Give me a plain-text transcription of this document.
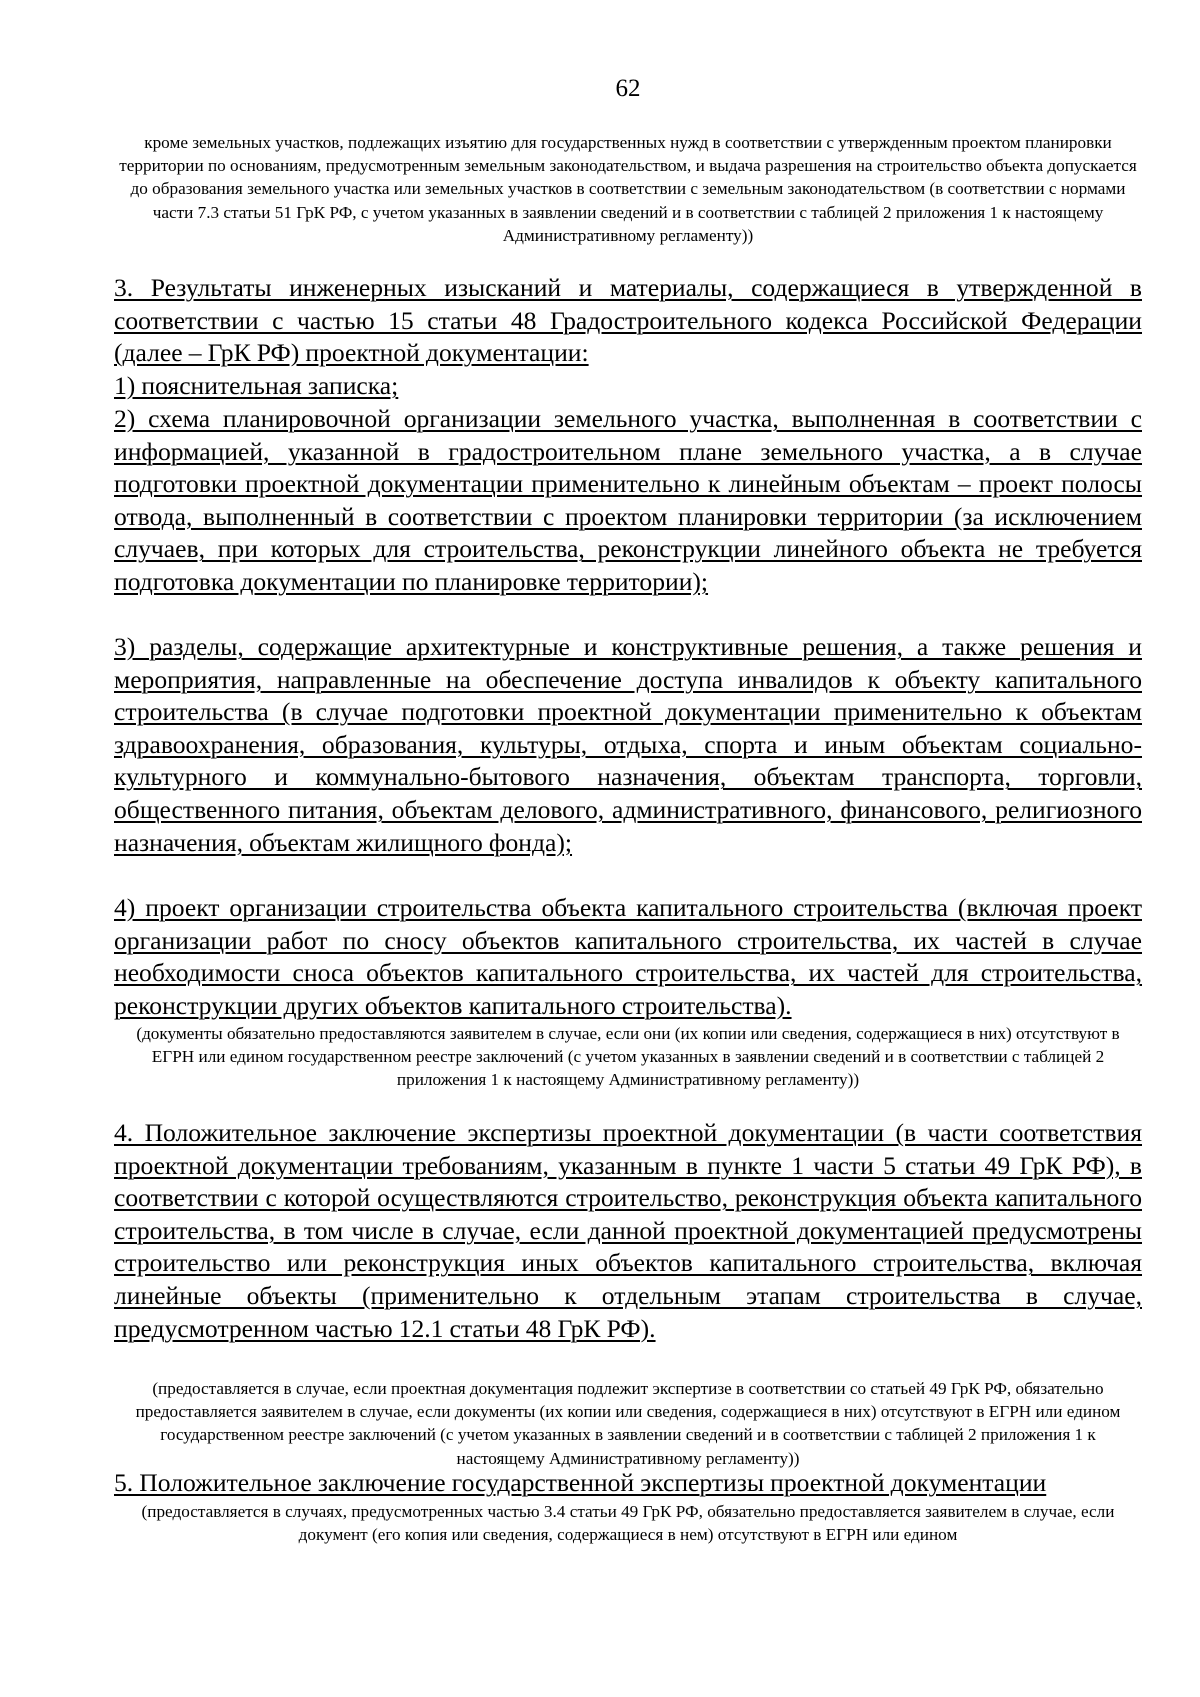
62

кроме земельных участков, подлежащих изъятию для государственных нужд в соответствии с утвержденным проектом планировки территории по основаниям, предусмотренным земельным законодательством, и выдача разрешения на строительство объекта допускается до образования земельного участка или земельных участков в соответствии с земельным законодательством (в соответствии с нормами части 7.3 статьи 51 ГрК РФ, с учетом указанных в заявлении сведений и в соответствии с таблицей 2 приложения 1 к настоящему Административному регламенту))

3. Результаты инженерных изысканий и материалы, содержащиеся в утвержденной в соответствии с частью 15 статьи 48 Градостроительного кодекса Российской Федерации (далее – ГрК РФ) проектной документации:

1) пояснительная записка;

2) схема планировочной организации земельного участка, выполненная в соответствии с информацией, указанной в градостроительном плане земельного участка, а в случае подготовки проектной документации применительно к линейным объектам – проект полосы отвода, выполненный в соответствии с проектом планировки территории (за исключением случаев, при которых для строительства, реконструкции линейного объекта не требуется подготовка документации по планировке территории);

3) разделы, содержащие архитектурные и конструктивные решения, а также решения и мероприятия, направленные на обеспечение доступа инвалидов к объекту капитального строительства (в случае подготовки проектной документации применительно к объектам здравоохранения, образования, культуры, отдыха, спорта и иным объектам социально-культурного и коммунально-бытового назначения, объектам транспорта, торговли, общественного питания, объектам делового, административного, финансового, религиозного назначения, объектам жилищного фонда);

4) проект организации строительства объекта капитального строительства (включая проект организации работ по сносу объектов капитального строительства, их частей в случае необходимости сноса объектов капитального строительства, их частей для строительства, реконструкции других объектов капитального строительства).

(документы обязательно предоставляются заявителем в случае, если они (их копии или сведения, содержащиеся в них) отсутствуют в ЕГРН или едином государственном реестре заключений (с учетом указанных в заявлении сведений и в соответствии с таблицей 2 приложения 1 к настоящему Административному регламенту))

4. Положительное заключение экспертизы проектной документации (в части соответствия проектной документации требованиям, указанным в пункте 1 части 5 статьи 49 ГрК РФ), в соответствии с которой осуществляются строительство, реконструкция объекта капитального строительства, в том числе в случае, если данной проектной документацией предусмотрены строительство или реконструкция иных объектов капитального строительства, включая линейные объекты (применительно к отдельным этапам строительства в случае, предусмотренном частью 12.1 статьи 48 ГрК РФ).

(предоставляется в случае, если проектная документация подлежит экспертизе в соответствии со статьей 49 ГрК РФ, обязательно предоставляется заявителем в случае, если документы (их копии или сведения, содержащиеся в них) отсутствуют в ЕГРН или едином государственном реестре заключений (с учетом указанных в заявлении сведений и в соответствии с таблицей 2 приложения 1 к настоящему Административному регламенту))

5. Положительное заключение государственной экспертизы проектной документации

(предоставляется в случаях, предусмотренных частью 3.4 статьи 49 ГрК РФ, обязательно предоставляется заявителем в случае, если документ (его копия или сведения, содержащиеся в нем) отсутствуют в ЕГРН или едином
